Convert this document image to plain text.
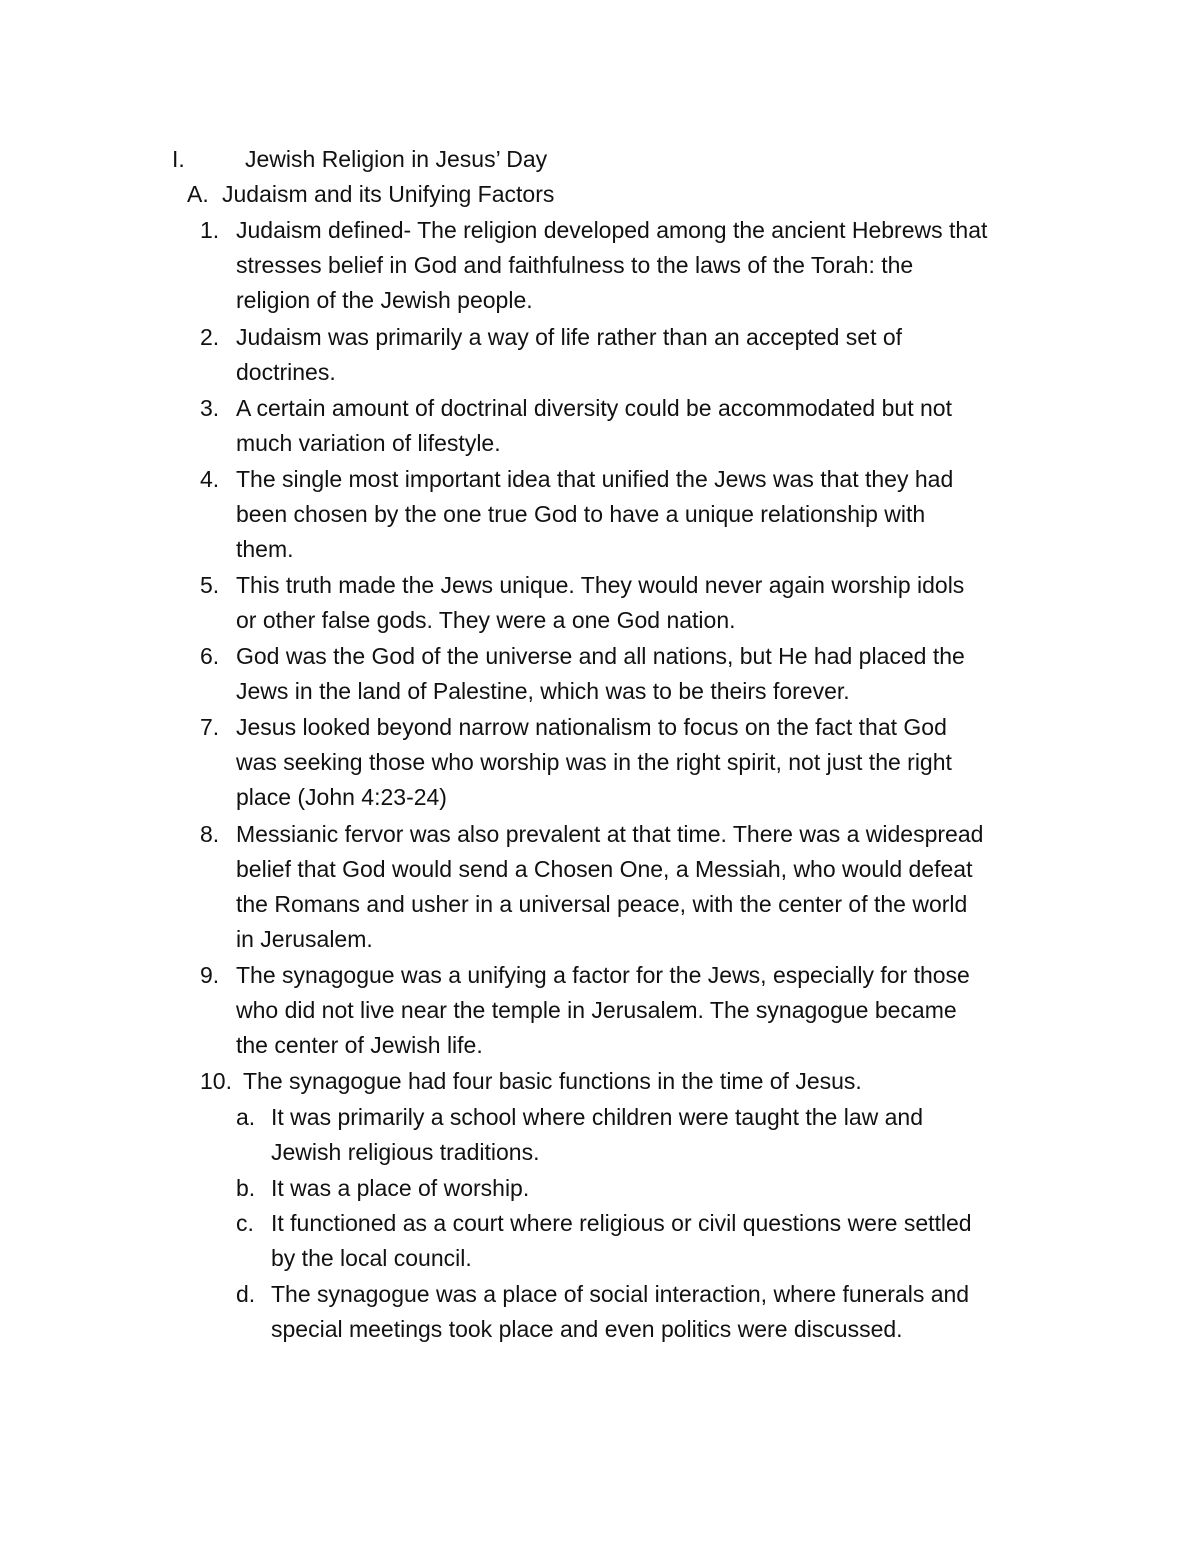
I.	Jewish Religion in Jesus’ Day
A. Judaism and its Unifying Factors
1. Judaism defined- The religion developed among the ancient Hebrews that
stresses belief in God and faithfulness to the laws of the Torah: the
religion of the Jewish people.
2. Judaism was primarily a way of life rather than an accepted set of
doctrines.
3. A certain amount of doctrinal diversity could be accommodated but not
much variation of lifestyle.
4. The single most important idea that unified the Jews was that they had
been chosen by the one true God to have a unique relationship with
them.
5. This truth made the Jews unique. They would never again worship idols
or other false gods. They were a one God nation.
6. God was the God of the universe and all nations, but He had placed the
Jews in the land of Palestine, which was to be theirs forever.
7. Jesus looked beyond narrow nationalism to focus on the fact that God
was seeking those who worship was in the right spirit, not just the right
place (John 4:23-24)
8. Messianic fervor was also prevalent at that time. There was a widespread
belief that God would send a Chosen One, a Messiah, who would defeat
the Romans and usher in a universal peace, with the center of the world
in Jerusalem.
9. The synagogue was a unifying a factor for the Jews, especially for those
who did not live near the temple in Jerusalem. The synagogue became
the center of Jewish life.
10. The synagogue had four basic functions in the time of Jesus.
a. It was primarily a school where children were taught the law and
Jewish religious traditions.
b. It was a place of worship.
c. It functioned as a court where religious or civil questions were settled
by the local council.
d. The synagogue was a place of social interaction, where funerals and
special meetings took place and even politics were discussed.
